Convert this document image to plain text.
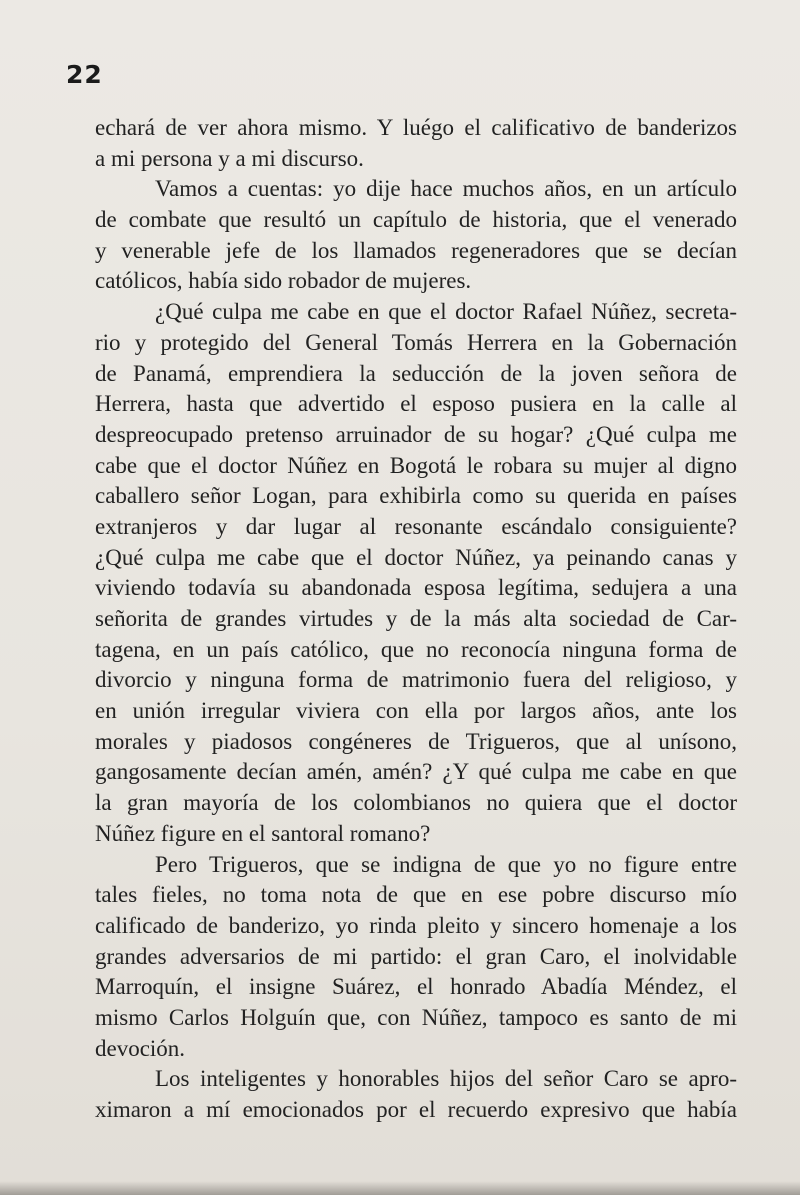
22
echará de ver ahora mismo. Y luégo el calificativo de banderizos
a mi persona y a mi discurso.
Vamos a cuentas: yo dije hace muchos años, en un artículo
de combate que resultó un capítulo de historia, que el venerado
y venerable jefe de los llamados regeneradores que se decían
católicos, había sido robador de mujeres.
¿Qué culpa me cabe en que el doctor Rafael Núñez, secreta-
rio y protegido del General Tomás Herrera en la Gobernación
de Panamá, emprendiera la seducción de la joven señora de
Herrera, hasta que advertido el esposo pusiera en la calle al
despreocupado pretenso arruinador de su hogar? ¿Qué culpa me
cabe que el doctor Núñez en Bogotá le robara su mujer al digno
caballero señor Logan, para exhibirla como su querida en países
extranjeros y dar lugar al resonante escándalo consiguiente?
¿Qué culpa me cabe que el doctor Núñez, ya peinando canas y
viviendo todavía su abandonada esposa legítima, sedujera a una
señorita de grandes virtudes y de la más alta sociedad de Car-
tagena, en un país católico, que no reconocía ninguna forma de
divorcio y ninguna forma de matrimonio fuera del religioso, y
en unión irregular viviera con ella por largos años, ante los
morales y piadosos congéneres de Trigueros, que al unísono,
gangosamente decían amén, amén? ¿Y qué culpa me cabe en que
la gran mayoría de los colombianos no quiera que el doctor
Núñez figure en el santoral romano?
Pero Trigueros, que se indigna de que yo no figure entre
tales fieles, no toma nota de que en ese pobre discurso mío
calificado de banderizo, yo rinda pleito y sincero homenaje a los
grandes adversarios de mi partido: el gran Caro, el inolvidable
Marroquín, el insigne Suárez, el honrado Abadía Méndez, el
mismo Carlos Holguín que, con Núñez, tampoco es santo de mi
devoción.
Los inteligentes y honorables hijos del señor Caro se apro-
ximaron a mí emocionados por el recuerdo expresivo que había
